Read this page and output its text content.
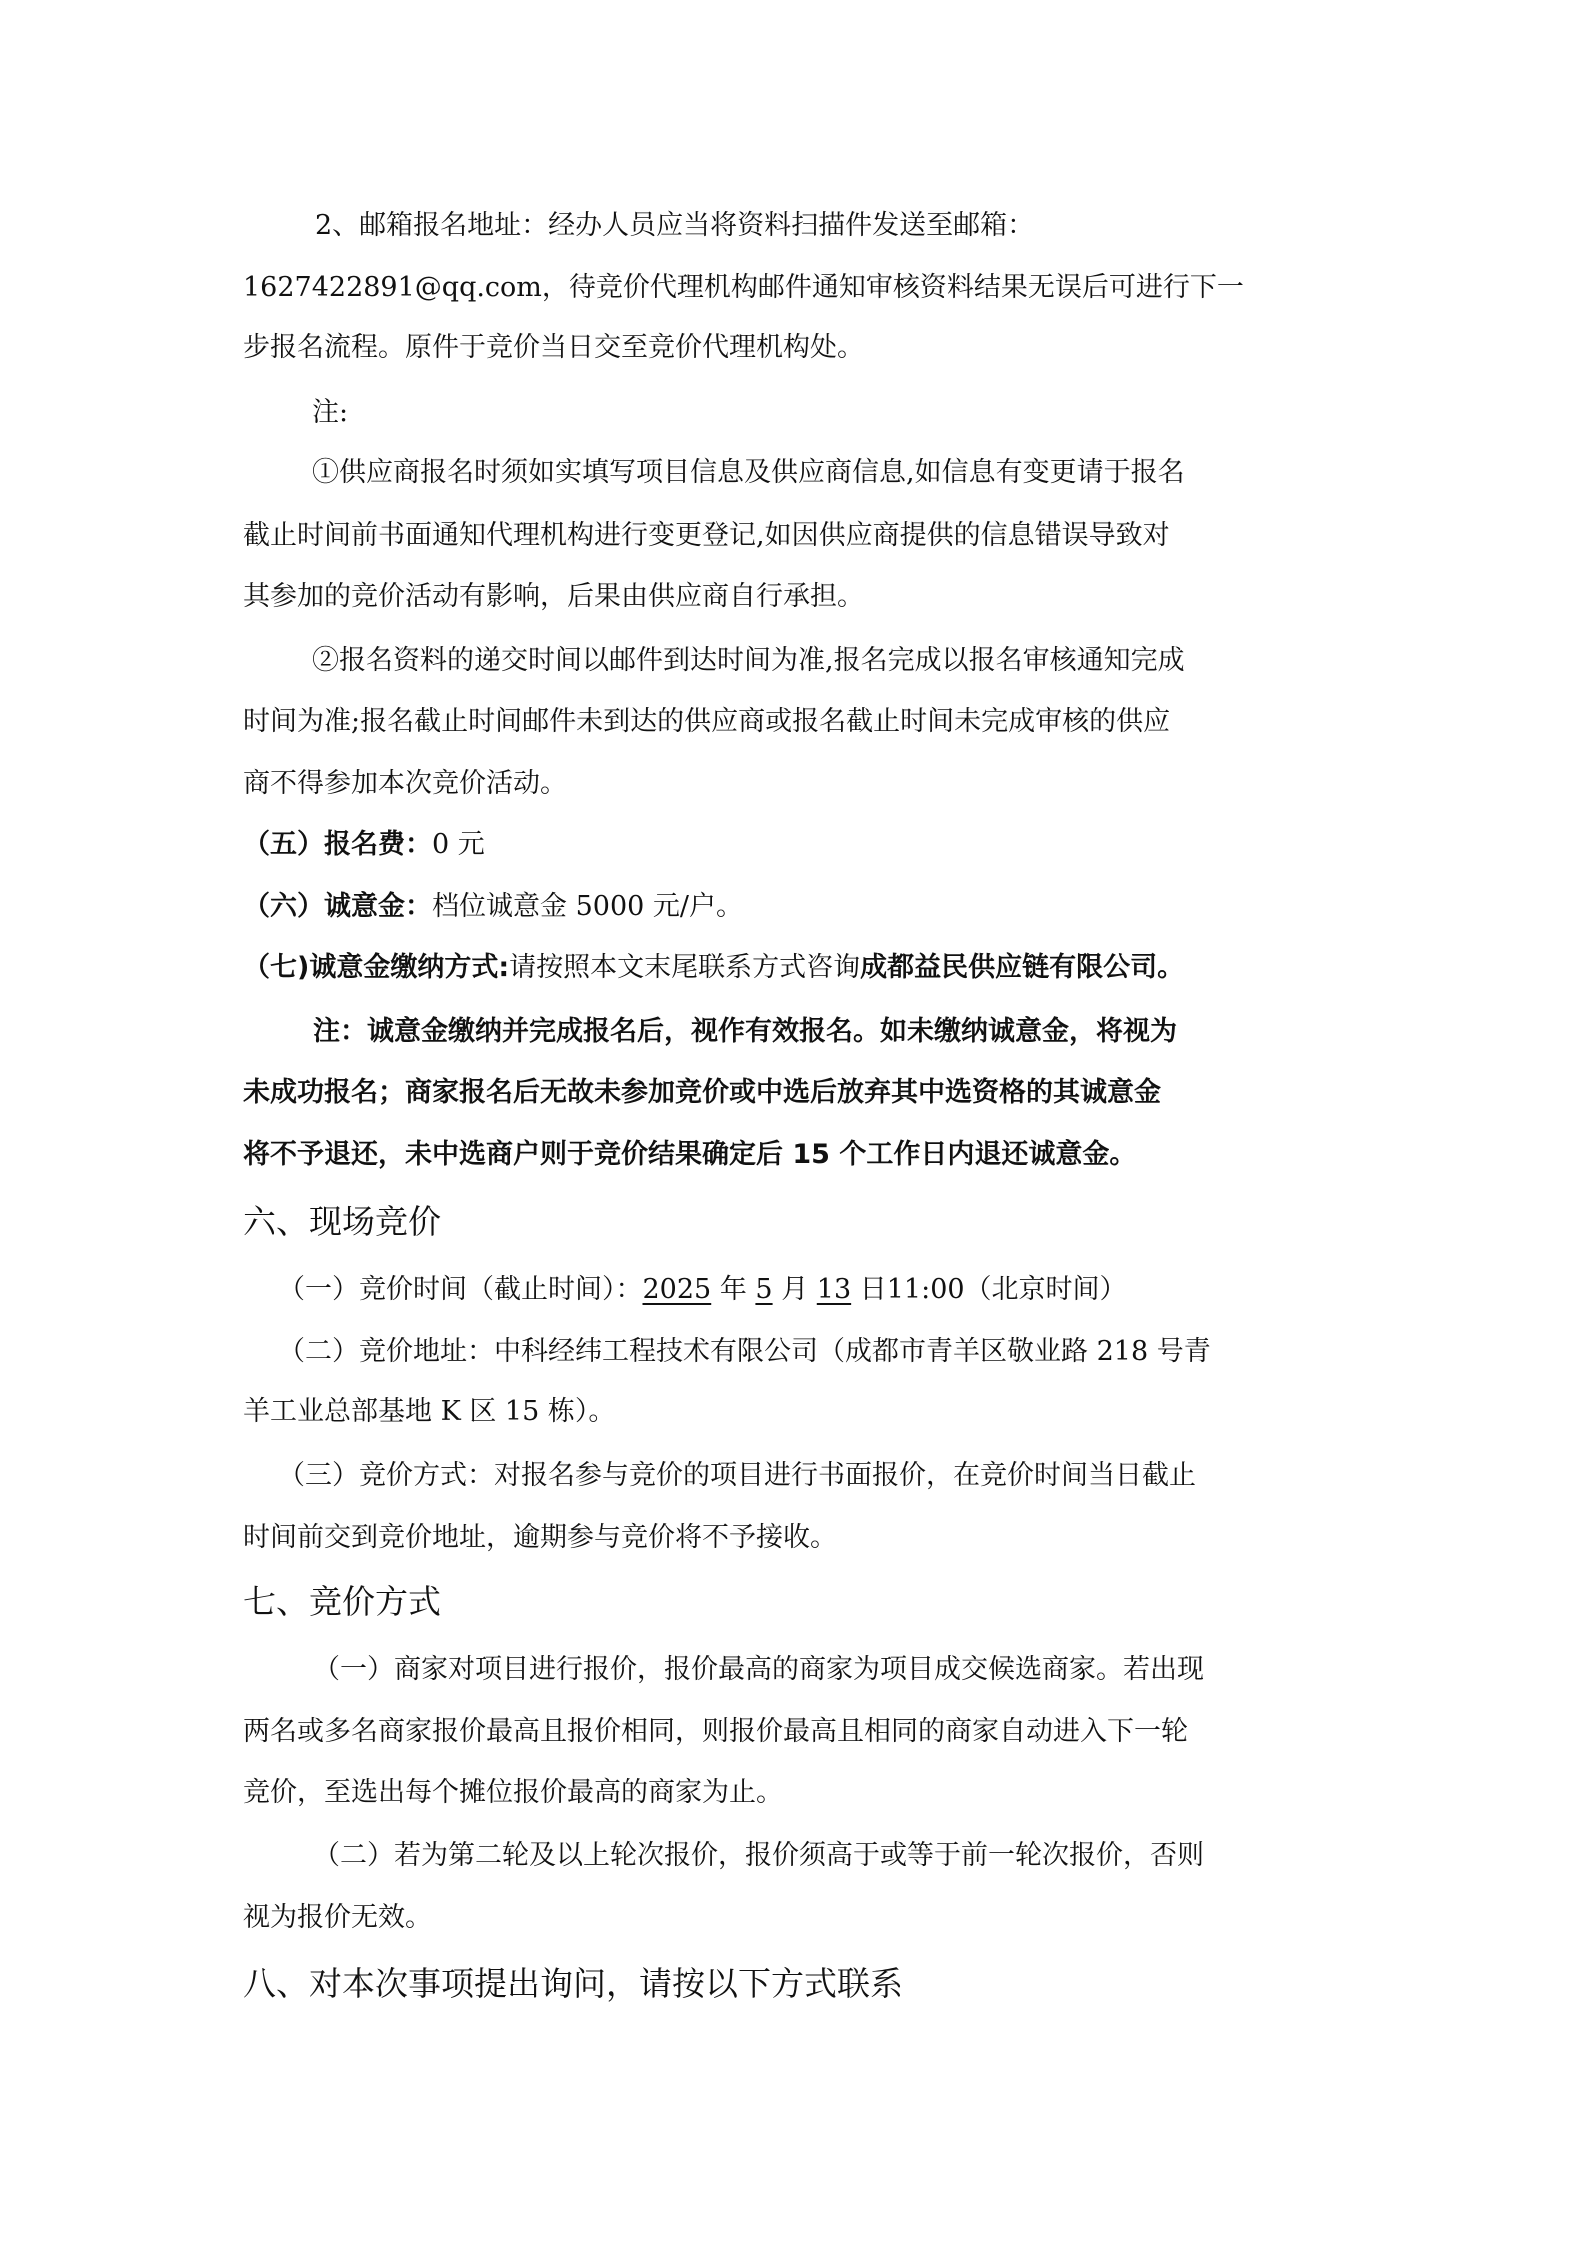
2、邮箱报名地址：经办人员应当将资料扫描件发送至邮箱：
1627422891@qq.com，待竞价代理机构邮件通知审核资料结果无误后可进行下一
步报名流程。原件于竞价当日交至竞价代理机构处。
注:
①供应商报名时须如实填写项目信息及供应商信息,如信息有变更请于报名
截止时间前书面通知代理机构进行变更登记,如因供应商提供的信息错误导致对
其参加的竞价活动有影响，后果由供应商自行承担。
②报名资料的递交时间以邮件到达时间为准,报名完成以报名审核通知完成
时间为准;报名截止时间邮件未到达的供应商或报名截止时间未完成审核的供应
商不得参加本次竞价活动。
（五）报名费：0 元
（六）诚意金：档位诚意金 5000 元/户。
（七)诚意金缴纳方式:请按照本文末尾联系方式咨询成都益民供应链有限公司。
注：诚意金缴纳并完成报名后，视作有效报名。如未缴纳诚意金，将视为
未成功报名；商家报名后无故未参加竞价或中选后放弃其中选资格的其诚意金
将不予退还，未中选商户则于竞价结果确定后 15 个工作日内退还诚意金。
六、现场竞价
（一）竞价时间（截止时间）：2025 年 5 月 13 日11:00（北京时间）
（二）竞价地址：中科经纬工程技术有限公司（成都市青羊区敬业路 218 号青
羊工业总部基地 K 区 15 栋）。
（三）竞价方式：对报名参与竞价的项目进行书面报价，在竞价时间当日截止
时间前交到竞价地址，逾期参与竞价将不予接收。
七、竞价方式
（一）商家对项目进行报价，报价最高的商家为项目成交候选商家。若出现
两名或多名商家报价最高且报价相同，则报价最高且相同的商家自动进入下一轮
竞价，至选出每个摊位报价最高的商家为止。
（二）若为第二轮及以上轮次报价，报价须高于或等于前一轮次报价，否则
视为报价无效。
八、对本次事项提出询问，请按以下方式联系
